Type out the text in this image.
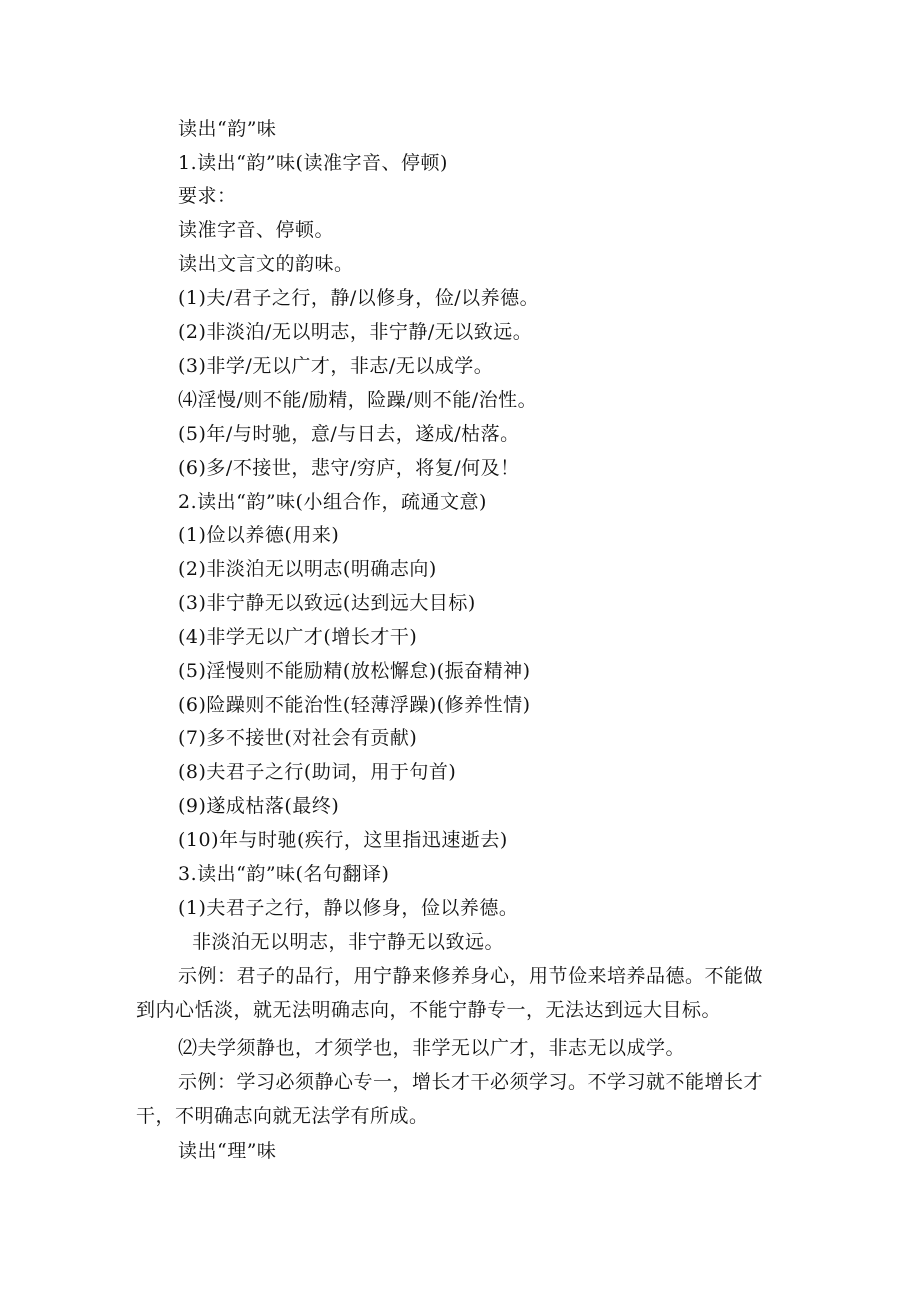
读出“韵”味
1.读出“韵”味(读准字音、停顿)
要求：
读准字音、停顿。
读出文言文的韵味。
(1)夫/君子之行，静/以修身，俭/以养德。
(2)非淡泊/无以明志，非宁静/无以致远。
(3)非学/无以广才，非志/无以成学。
⑷淫慢/则不能/励精，险躁/则不能/治性。
(5)年/与时驰，意/与日去，遂成/枯落。
(6)多/不接世，悲守/穷庐，将复/何及！
2.读出“韵”味(小组合作，疏通文意)
(1)俭以养德(用来)
(2)非淡泊无以明志(明确志向)
(3)非宁静无以致远(达到远大目标)
(4)非学无以广才(增长才干)
(5)淫慢则不能励精(放松懈怠)(振奋精神)
(6)险躁则不能治性(轻薄浮躁)(修养性情)
(7)多不接世(对社会有贡献)
(8)夫君子之行(助词，用于句首)
(9)遂成枯落(最终)
(10)年与时驰(疾行，这里指迅速逝去)
3.读出“韵”味(名句翻译)
(1)夫君子之行，静以修身，俭以养德。
非淡泊无以明志，非宁静无以致远。
示例：君子的品行，用宁静来修养身心，用节俭来培养品德。不能做
到内心恬淡，就无法明确志向，不能宁静专一，无法达到远大目标。
⑵夫学须静也，才须学也，非学无以广才，非志无以成学。
示例：学习必须静心专一，增长才干必须学习。不学习就不能增长才
干，不明确志向就无法学有所成。
读出“理”味
